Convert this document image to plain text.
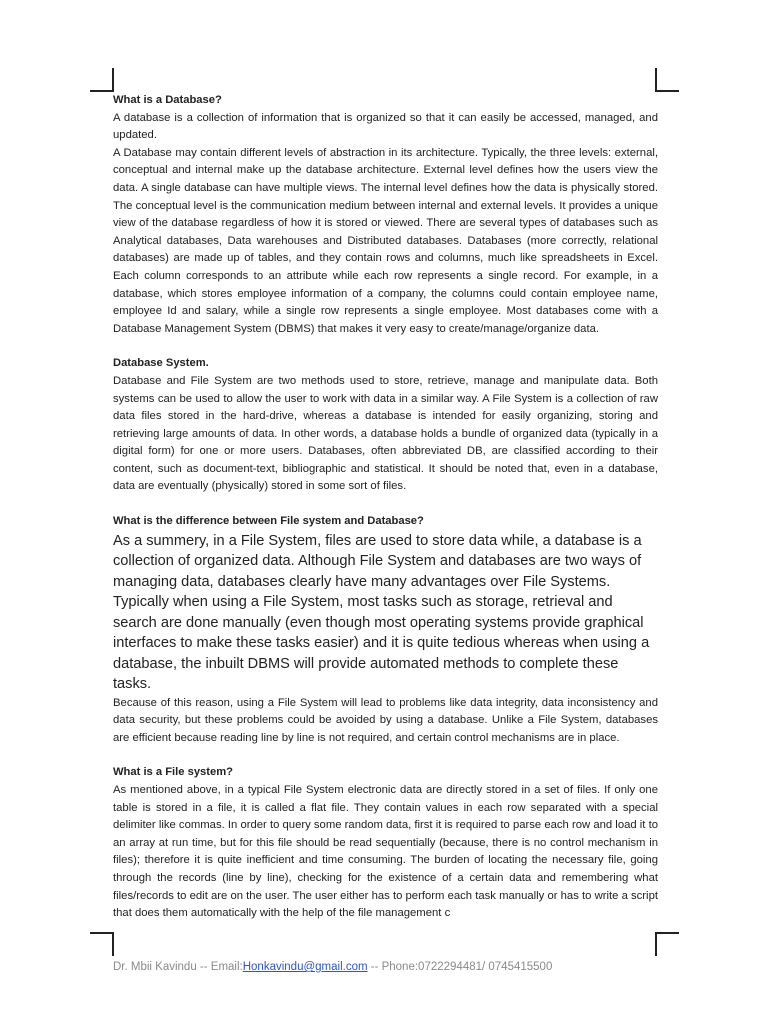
What is a Database?

A database is a collection of information that is organized so that it can easily be accessed, managed, and updated.

A Database may contain different levels of abstraction in its architecture. Typically, the three levels: external, conceptual and internal make up the database architecture. External level defines how the users view the data. A single database can have multiple views. The internal level defines how the data is physically stored. The conceptual level is the communication medium between internal and external levels. It provides a unique view of the database regardless of how it is stored or viewed. There are several types of databases such as Analytical databases, Data warehouses and Distributed databases. Databases (more correctly, relational databases) are made up of tables, and they contain rows and columns, much like spreadsheets in Excel. Each column corresponds to an attribute while each row represents a single record. For example, in a database, which stores employee information of a company, the columns could contain employee name, employee Id and salary, while a single row represents a single employee. Most databases come with a Database Management System (DBMS) that makes it very easy to create/manage/organize data.

Database System.

Database and File System are two methods used to store, retrieve, manage and manipulate data. Both systems can be used to allow the user to work with data in a similar way. A File System is a collection of raw data files stored in the hard-drive, whereas a database is intended for easily organizing, storing and retrieving large amounts of data. In other words, a database holds a bundle of organized data (typically in a digital form) for one or more users. Databases, often abbreviated DB, are classified according to their content, such as document-text, bibliographic and statistical. It should be noted that, even in a database, data are eventually (physically) stored in some sort of files.

What is the difference between File system and Database?

As a summery, in a File System, files are used to store data while, a database is a collection of organized data. Although File System and databases are two ways of managing data, databases clearly have many advantages over File Systems. Typically when using a File System, most tasks such as storage, retrieval and search are done manually (even though most operating systems provide graphical interfaces to make these tasks easier) and it is quite tedious whereas when using a database, the inbuilt DBMS will provide automated methods to complete these tasks.

Because of this reason, using a File System will lead to problems like data integrity, data inconsistency and data security, but these problems could be avoided by using a database. Unlike a File System, databases are efficient because reading line by line is not required, and certain control mechanisms are in place.

What is a File system?

As mentioned above, in a typical File System electronic data are directly stored in a set of files. If only one table is stored in a file, it is called a flat file. They contain values in each row separated with a special delimiter like commas. In order to query some random data, first it is required to parse each row and load it to an array at run time, but for this file should be read sequentially (because, there is no control mechanism in files); therefore it is quite inefficient and time consuming. The burden of locating the necessary file, going through the records (line by line), checking for the existence of a certain data and remembering what files/records to edit are on the user. The user either has to perform each task manually or has to write a script that does them automatically with the help of the file management c

Dr. Mbii Kavindu -- Email:Honkavindu@gmail.com -- Phone:0722294481/ 0745415500
